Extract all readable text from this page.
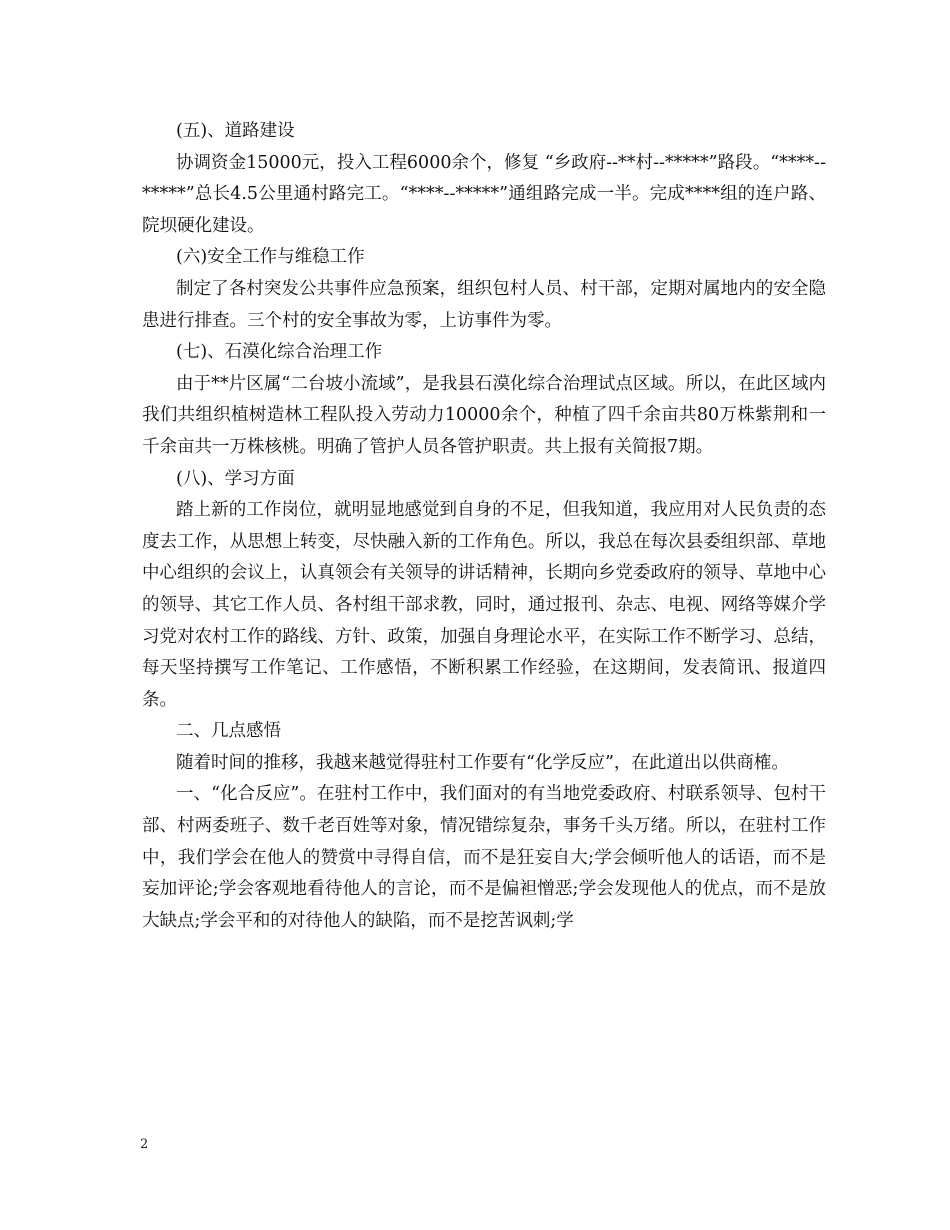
(五)、道路建设

协调资金15000元，投入工程6000余个，修复 “乡政府--**村--*****”路段。“****--*****”总长4.5公里通村路完工。“****--*****”通组路完成一半。完成****组的连户路、院坝硬化建设。

(六)安全工作与维稳工作

制定了各村突发公共事件应急预案，组织包村人员、村干部，定期对属地内的安全隐患进行排查。三个村的安全事故为零，上访事件为零。

(七)、石漠化综合治理工作

由于**片区属“二台坡小流域”，是我县石漠化综合治理试点区域。所以，在此区域内我们共组织植树造林工程队投入劳动力10000余个，种植了四千余亩共80万株紫荆和一千余亩共一万株核桃。明确了管护人员各管护职责。共上报有关简报7期。

(八)、学习方面

踏上新的工作岗位，就明显地感觉到自身的不足，但我知道，我应用对人民负责的态度去工作，从思想上转变，尽快融入新的工作角色。所以，我总在每次县委组织部、草地中心组织的会议上，认真领会有关领导的讲话精神，长期向乡党委政府的领导、草地中心的领导、其它工作人员、各村组干部求教，同时，通过报刊、杂志、电视、网络等媒介学习党对农村工作的路线、方针、政策，加强自身理论水平，在实际工作不断学习、总结，每天坚持撰写工作笔记、工作感悟，不断积累工作经验，在这期间，发表简讯、报道四条。

二、几点感悟

随着时间的推移，我越来越觉得驻村工作要有“化学反应”，在此道出以供商榷。

一、“化合反应”。在驻村工作中，我们面对的有当地党委政府、村联系领导、包村干部、村两委班子、数千老百姓等对象，情况错综复杂，事务千头万绪。所以，在驻村工作中，我们学会在他人的赞赏中寻得自信，而不是狂妄自大;学会倾听他人的话语，而不是妄加评论;学会客观地看待他人的言论，而不是偏袒憎恶;学会发现他人的优点，而不是放大缺点;学会平和的对待他人的缺陷，而不是挖苦讽刺;学

2
